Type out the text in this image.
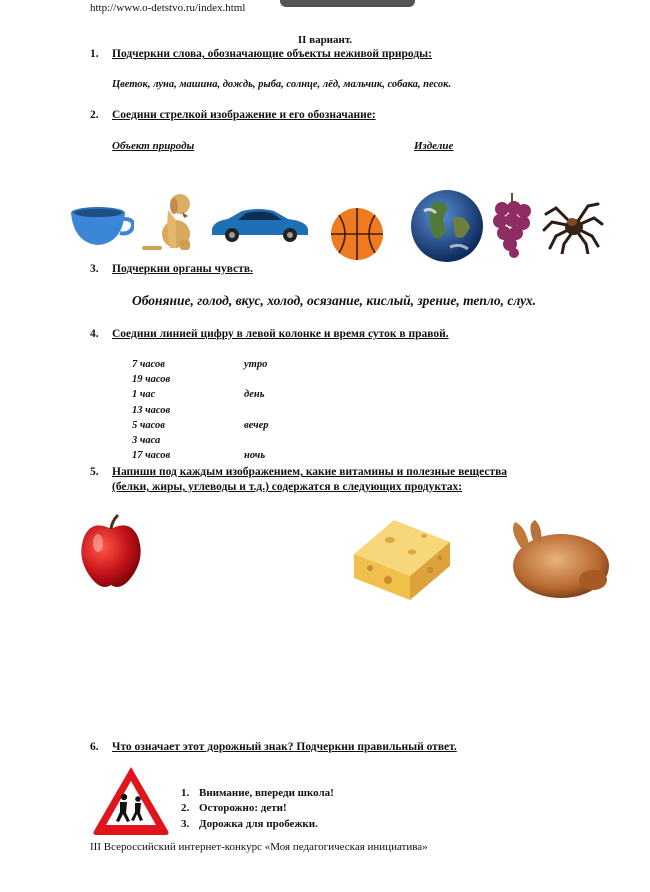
http://www.o-detstvo.ru/index.html
II вариант.
1. Подчеркни слова, обозначающие объекты неживой природы:
Цветок, луна, машина, дождь, рыба, солнце, лёд, мальчик, собака, песок.
2. Соедини стрелкой изображение и его обозначание:
Объект природы	Изделие
3. Подчеркни органы чувств.
Обоняние, голод, вкус, холод, осязание, кислый, зрение, тепло, слух.
4. Соедини линией цифру в левой колонке и время суток в правой.
7 часов
19 часов
1 час
13 часов
5 часов
3 часа
17 часов
утро
день
вечер
ночь
5. Напиши под каждым изображением, какие витамины и полезные вещества
(белки, жиры, углеводы и т.д.) содержатся в следующих продуктах:
6. Что означает этот дорожный знак? Подчеркни правильный ответ.
1. Внимание, впереди школа!
2. Осторожно: дети!
3. Дорожка для пробежки.
III Всероссийский интернет-конкурс «Моя педагогическая инициатива»
